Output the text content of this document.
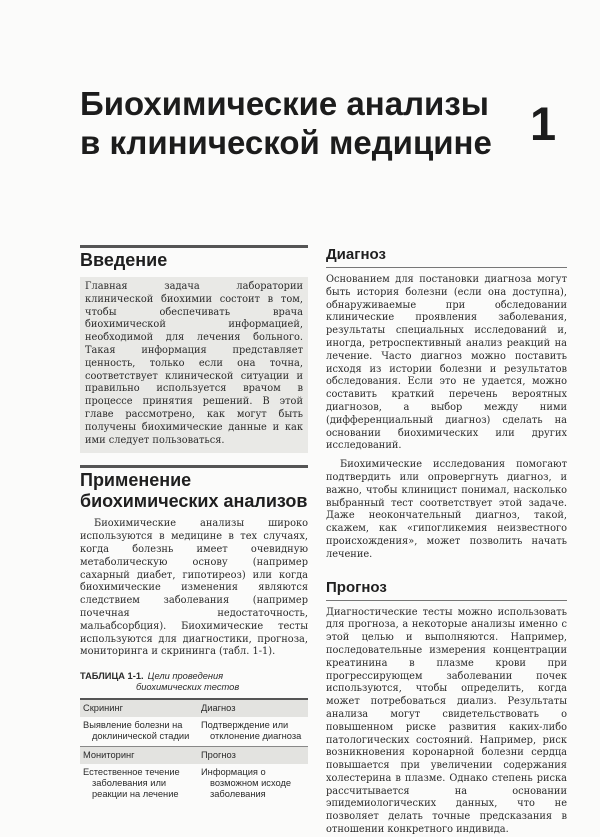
Биохимические анализы
в клинической медицине 1
Введение

Главная задача лаборатории клинической биохимии состоит в том, чтобы обеспечивать врача биохимической информацией, необходимой для лечения больного. Такая информация представляет ценность, только если она точна, соответствует клинической ситуации и правильно используется врачом в процессе принятия решений. В этой главе рассмотрено, как могут быть получены биохимические данные и как ими следует пользоваться.

Применение
биохимических анализов

Биохимические анализы широко используются в медицине в тех случаях, когда болезнь имеет очевидную метаболическую основу (например сахарный диабет, гипотиреоз) или когда биохимические изменения являются следствием заболевания (например почечная недостаточность, мальабсорбция). Биохимические тесты используются для диагностики, прогноза, мониторинга и скрининга (табл. 1-1).

ТАБЛИЦА 1-1. Цели проведения
биохимических тестов
Скрининг	Диагноз
Выявление болезни на доклинической стадии
Подтверждение или отклонение диагноза
Мониторинг	Прогноз
Естественное течение заболевания или реакции на лечение
Информация о возможном исходе заболевания
Диагноз

Основанием для постановки диагноза могут быть история болезни (если она доступна), обнаруживаемые при обследовании клинические проявления заболевания, результаты специальных исследований и, иногда, ретроспективный анализ реакций на лечение. Часто диагноз можно поставить исходя из истории болезни и результатов обследования. Если это не удается, можно составить краткий перечень вероятных диагнозов, а выбор между ними (дифференциальный диагноз) сделать на основании биохимических или других исследований.

Биохимические исследования помогают подтвердить или опровергнуть диагноз, и важно, чтобы клиницист понимал, насколько выбранный тест соответствует этой задаче. Даже неокончательный диагноз, такой, скажем, как «гипогликемия неизвестного происхождения», может позволить начать лечение.

Прогноз

Диагностические тесты можно использовать для прогноза, а некоторые анализы именно с этой целью и выполняются. Например, последовательные измерения концентрации креатинина в плазме крови при прогрессирующем заболевании почек используются, чтобы определить, когда может потребоваться диализ. Результаты анализа могут свидетельствовать о повышенном риске развития каких-либо патологических состояний. Например, риск возникновения коронарной болезни сердца повышается при увеличении содержания холестерина в плазме. Однако степень риска рассчитывается на основании эпидемиологических данных, что не позволяет делать точные предсказания в отношении конкретного индивида.
